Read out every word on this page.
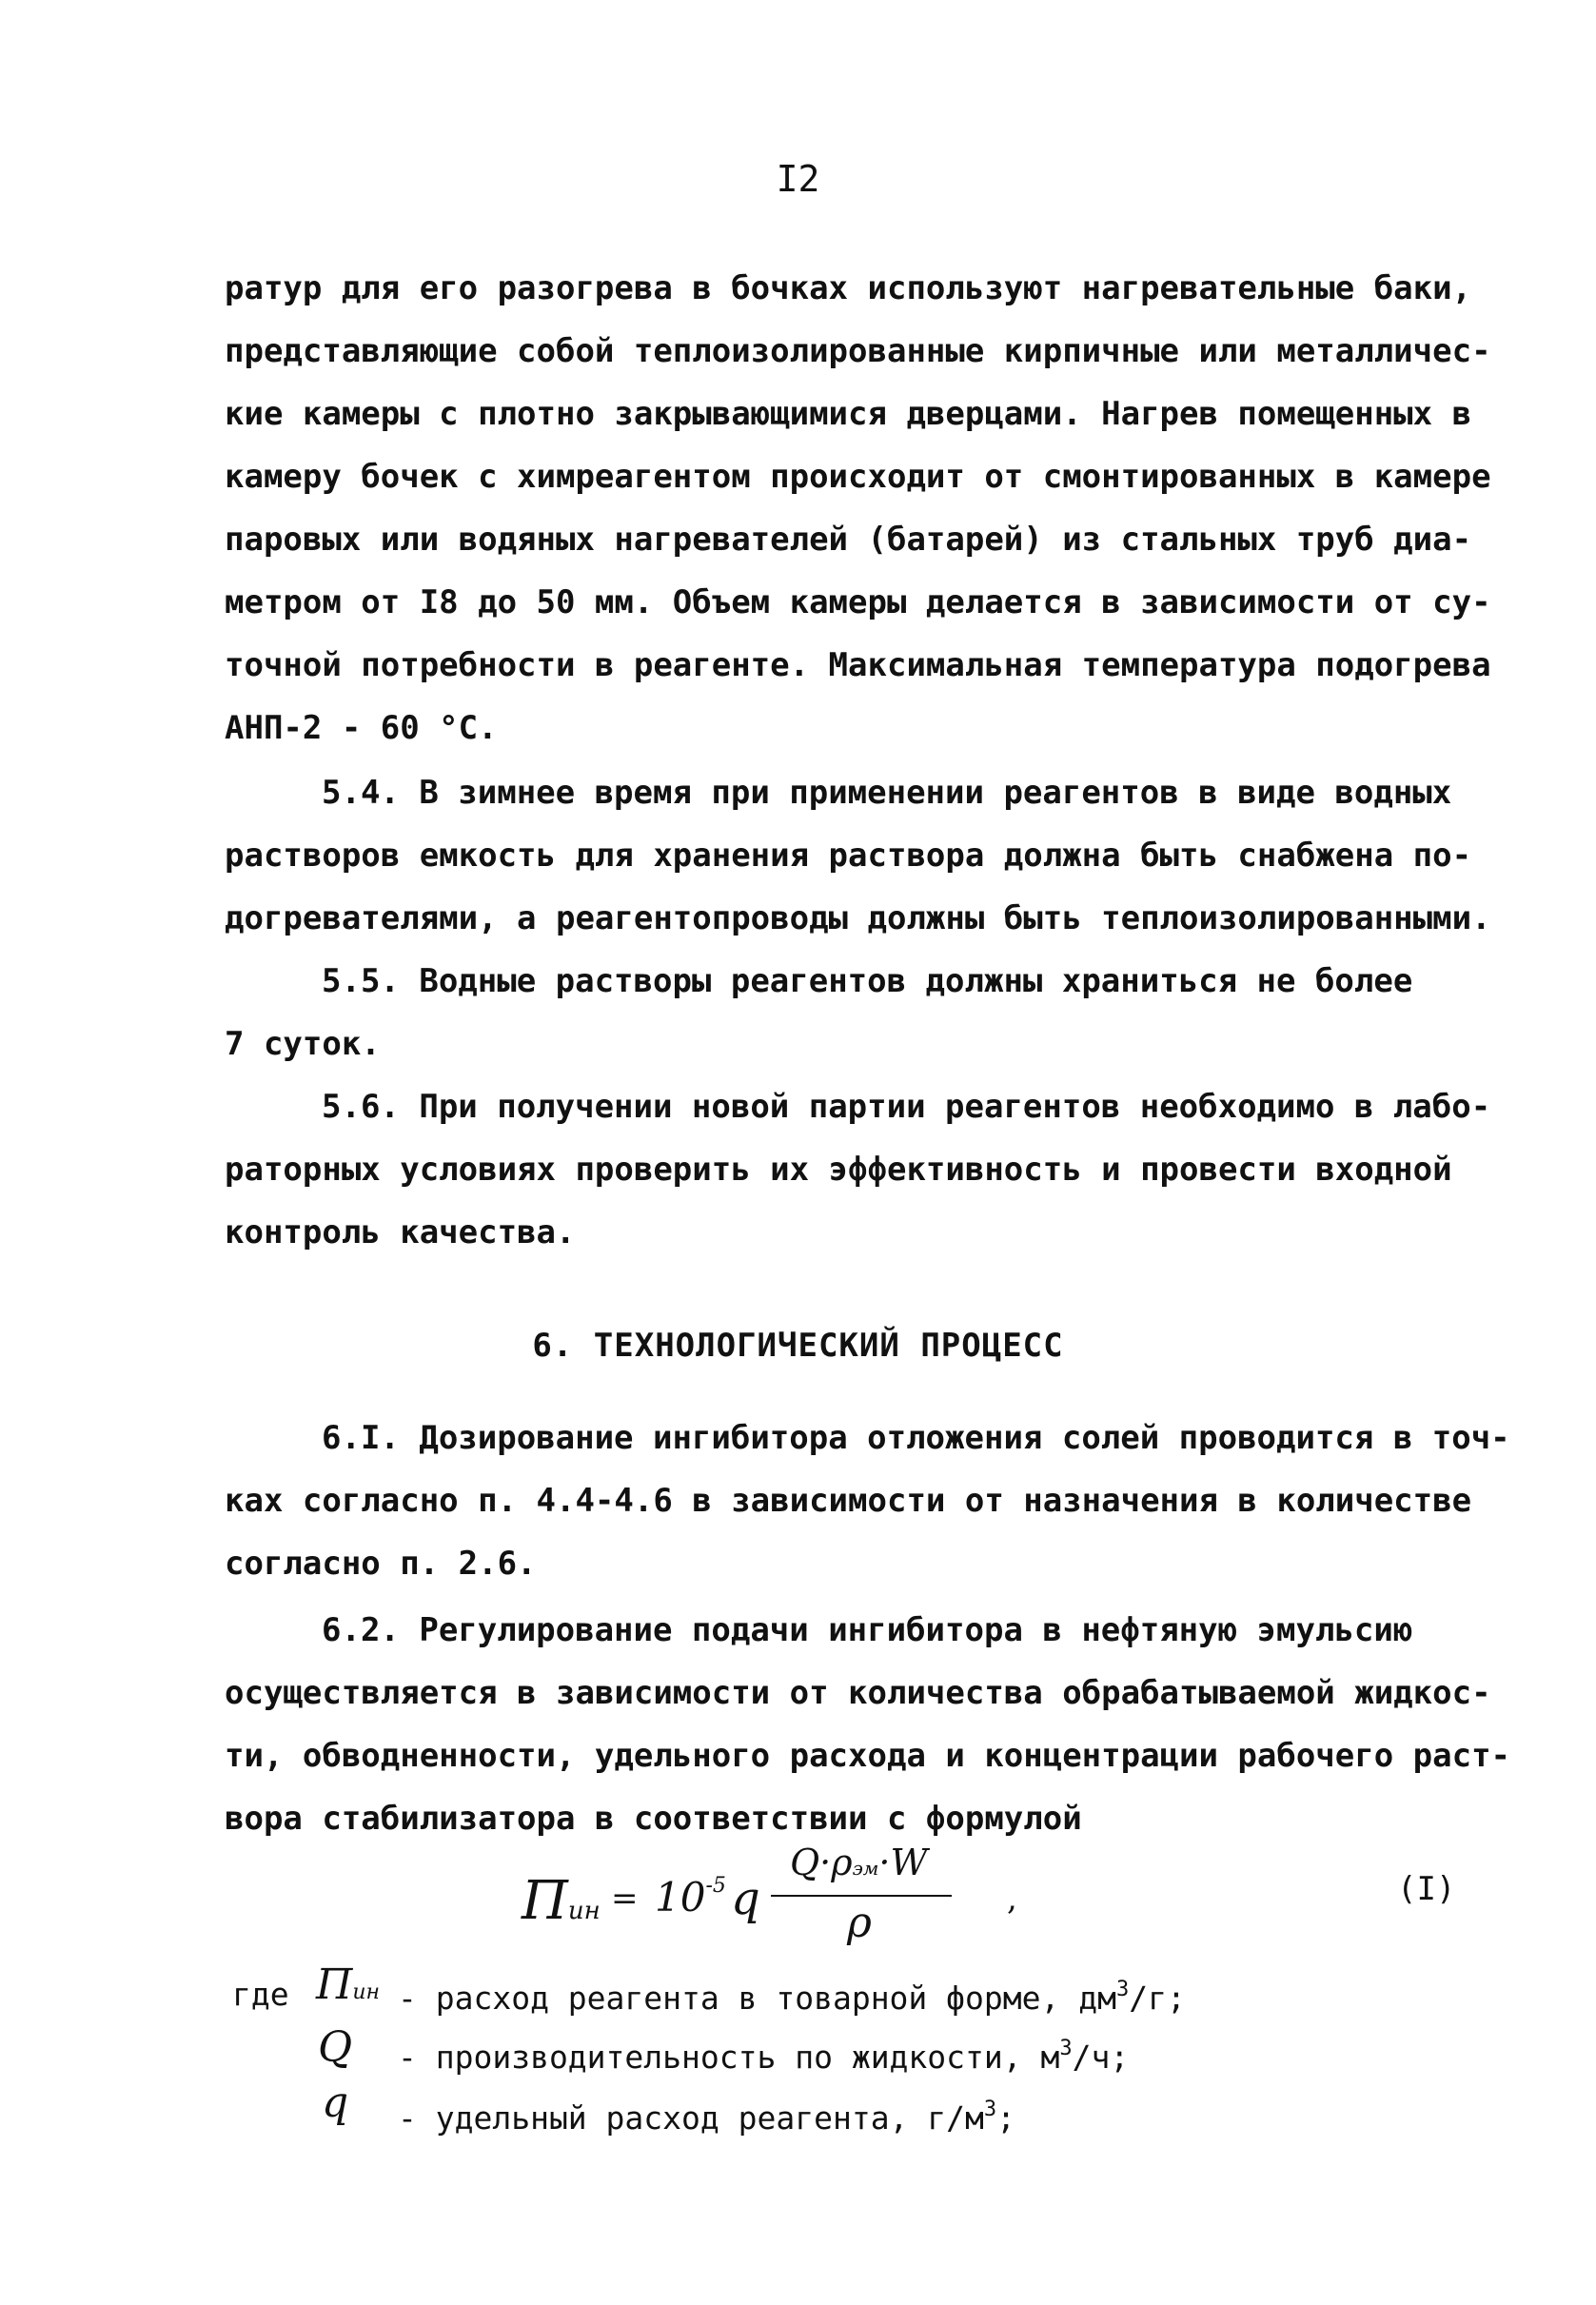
I2
ратур для его разогрева в бочках используют нагревательные баки,
представляющие собой теплоизолированные кирпичные или металличес-
кие камеры с плотно закрывающимися дверцами. Нагрев помещенных в
камеру бочек с химреагентом происходит от смонтированных в камере
паровых или водяных нагревателей (батарей) из стальных труб диа-
метром от I8 до 50 мм. Объем камеры делается в зависимости от су-
точной потребности в реагенте. Максимальная температура подогрева
АНП-2 - 60 °С.
5.4. В зимнее время при применении реагентов в виде водных
растворов емкость для хранения раствора должна быть снабжена по-
догревателями, а реагентопроводы должны быть теплоизолированными.
5.5. Водные растворы реагентов должны храниться не более
7 суток.
5.6. При получении новой партии реагентов необходимо в лабо-
раторных условиях проверить их эффективность и провести входной
контроль качества.
6. ТЕХНОЛОГИЧЕСКИЙ ПРОЦЕСС
6.I. Дозирование ингибитора отложения солей проводится в точ-
ках согласно п. 4.4-4.6 в зависимости от назначения в количестве
согласно п. 2.6.
6.2. Регулирование подачи ингибитора в нефтяную эмульсию
осуществляется в зависимости от количества обрабатываемой жидкос-
ти, обводненности, удельного расхода и концентрации рабочего раст-
вора стабилизатора в соответствии с формулой
Пин = $10^{-5}$ q
Q·ρэм·W
ρ	,	(I)
где Пин - расход реагента в товарной форме, $дм^3/г$;
Q - производительность по жидкости, $м^3/ч$;
q - удельный расход реагента, $г/м^3$;
